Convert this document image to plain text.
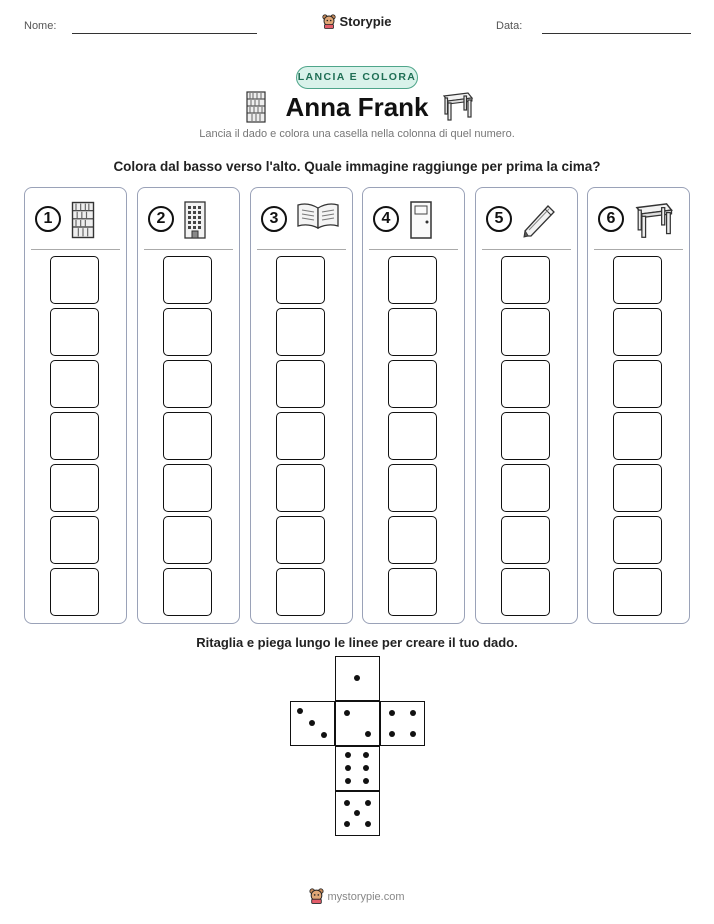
Nome:	Storypie	Data:
LANCIA E COLORA
Anna Frank
Lancia il dado e colora una casella nella colonna di quel numero.
Colora dal basso verso l'alto. Quale immagine raggiunge per prima la cima?
1	2	3	4	5	6
Ritaglia e piega lungo le linee per creare il tuo dado.
mystorypie.com
